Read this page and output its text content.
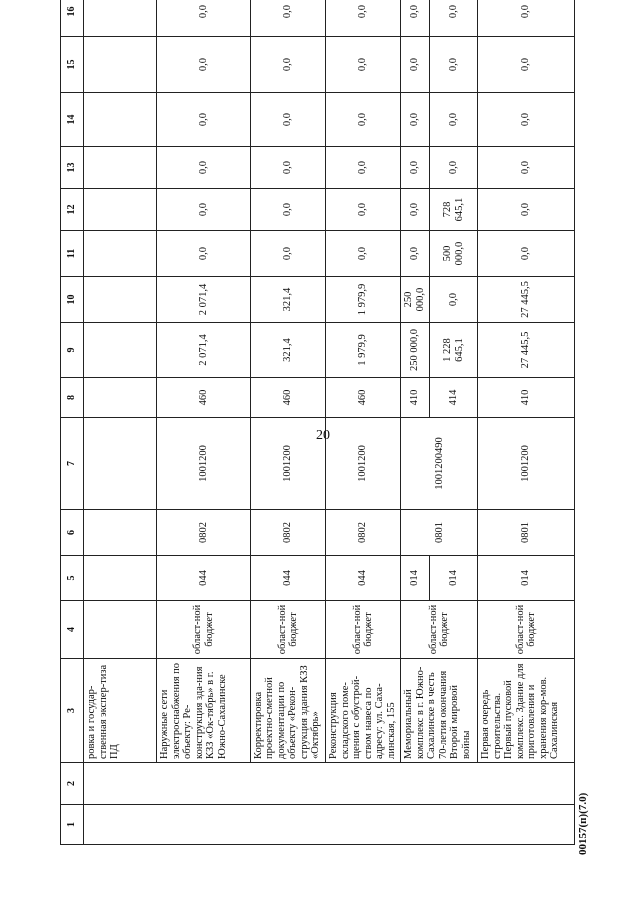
20
00157(п)(7.0)
1	2	3	4	5	6	7	8	9	10	11	12	13	14	15	16
		ровка и государ-ственная экспер-тиза ПД													
		Наружные сети электроснабжения по объекту: Ре-конструкция зда-ния КЗЗ «Ок-тябрь» в г. Южно-Сахалинске	област-ной бюджет	044	0802	1001200	460	2 071,4	2 071,4	0,0	0,0	0,0	0,0	0,0	0,0
		Корректировка проектно-сметной документации по объекту «Рекон-струкция здания КЗЗ «Октябрь»	област-ной бюджет	044	0802	1001200	460	321,4	321,4	0,0	0,0	0,0	0,0	0,0	0,0
		Реконструкция складского поме-щения с обустрой-ством навеса по адресу: ул. Саха-линская, 155	област-ной бюджет	044	0802	1001200	460	1 979,9	1 979,9	0,0	0,0	0,0	0,0	0,0	0,0
		Мемориальный комплекс в г. Южно-Сахалинске в честь 70-летия окончания Второй мировой войны	област-ной бюджет	014	0801	1001200490	410	250 000,0	250 000,0	0,0	0,0	0,0	0,0	0,0	0,0
				014			414	1 228 645,1	0,0	500 000,0	728 645,1	0,0	0,0	0,0	0,0
		Первая очередь строительства. Первый пусковой комплекс. Здание для приготовления и хранения кор-мов. Сахалинская	област-ной бюджет	014	0801	1001200	410	27 445,5	27 445,5	0,0	0,0	0,0	0,0	0,0	0,0
